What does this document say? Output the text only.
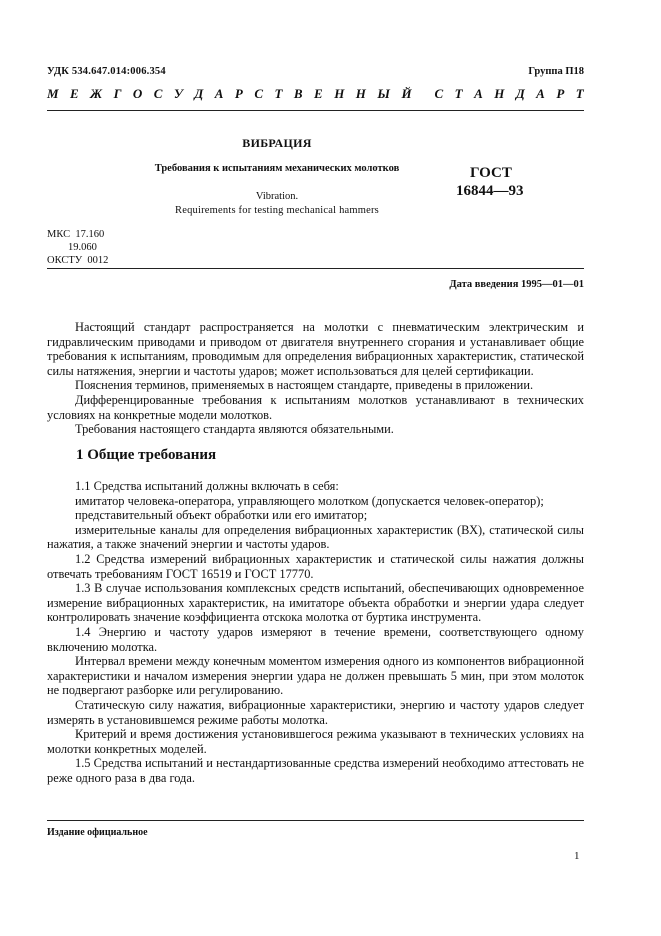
УДК 534.647.014:006.354	Группа П18
М Е Ж Г О С У Д А Р С Т В Е Н Н Ы Й С Т А Н Д А Р Т
ВИБРАЦИЯ
Требования к испытаниям механических молотков
Vibration.
Requirements for testing mechanical hammers
ГОСТ
16844—93
МКС  17.160
19.060
ОКСТУ  0012
Дата введения 1995—01—01

Настоящий стандарт распространяется на молотки с пневматическим электрическим и гидравлическим приводами и приводом от двигателя внутреннего сгорания и устанавливает общие требования к испытаниям, проводимым для определения вибрационных характеристик, статической силы натяжения, энергии и частоты ударов; может использоваться для целей сертификации.

Пояснения терминов, применяемых в настоящем стандарте, приведены в приложении.

Дифференцированные требования к испытаниям молотков устанавливают в технических условиях на конкретные модели молотков.

Требования настоящего стандарта являются обязательными.

1 Общие требования

1.1 Средства испытаний должны включать в себя:

имитатор человека-оператора, управляющего молотком (допускается человек-оператор);

представительный объект обработки или его имитатор;

измерительные каналы для определения вибрационных характеристик (ВХ), статической силы нажатия, а также значений энергии и частоты ударов.

1.2 Средства измерений вибрационных характеристик и статической силы нажатия должны отвечать требованиям ГОСТ 16519 и ГОСТ 17770.

1.3 В случае использования комплексных средств испытаний, обеспечивающих одновременное измерение вибрационных характеристик, на имитаторе объекта обработки и энергии удара следует контролировать значение коэффициента отскока молотка от буртика инструмента.

1.4 Энергию и частоту ударов измеряют в течение времени, соответствующего одному включению молотка.

Интервал времени между конечным моментом измерения одного из компонентов вибрационной характеристики и началом измерения энергии удара не должен превышать 5 мин, при этом молоток не подвергают разборке или регулированию.

Статическую силу нажатия, вибрационные характеристики, энергию и частоту ударов следует измерять в установившемся режиме работы молотка.

Критерий и время достижения установившегося режима указывают в технических условиях на молотки конкретных моделей.

1.5 Средства испытаний и нестандартизованные средства измерений необходимо аттестовать не реже одного раза в два года.

Издание официальное
1
